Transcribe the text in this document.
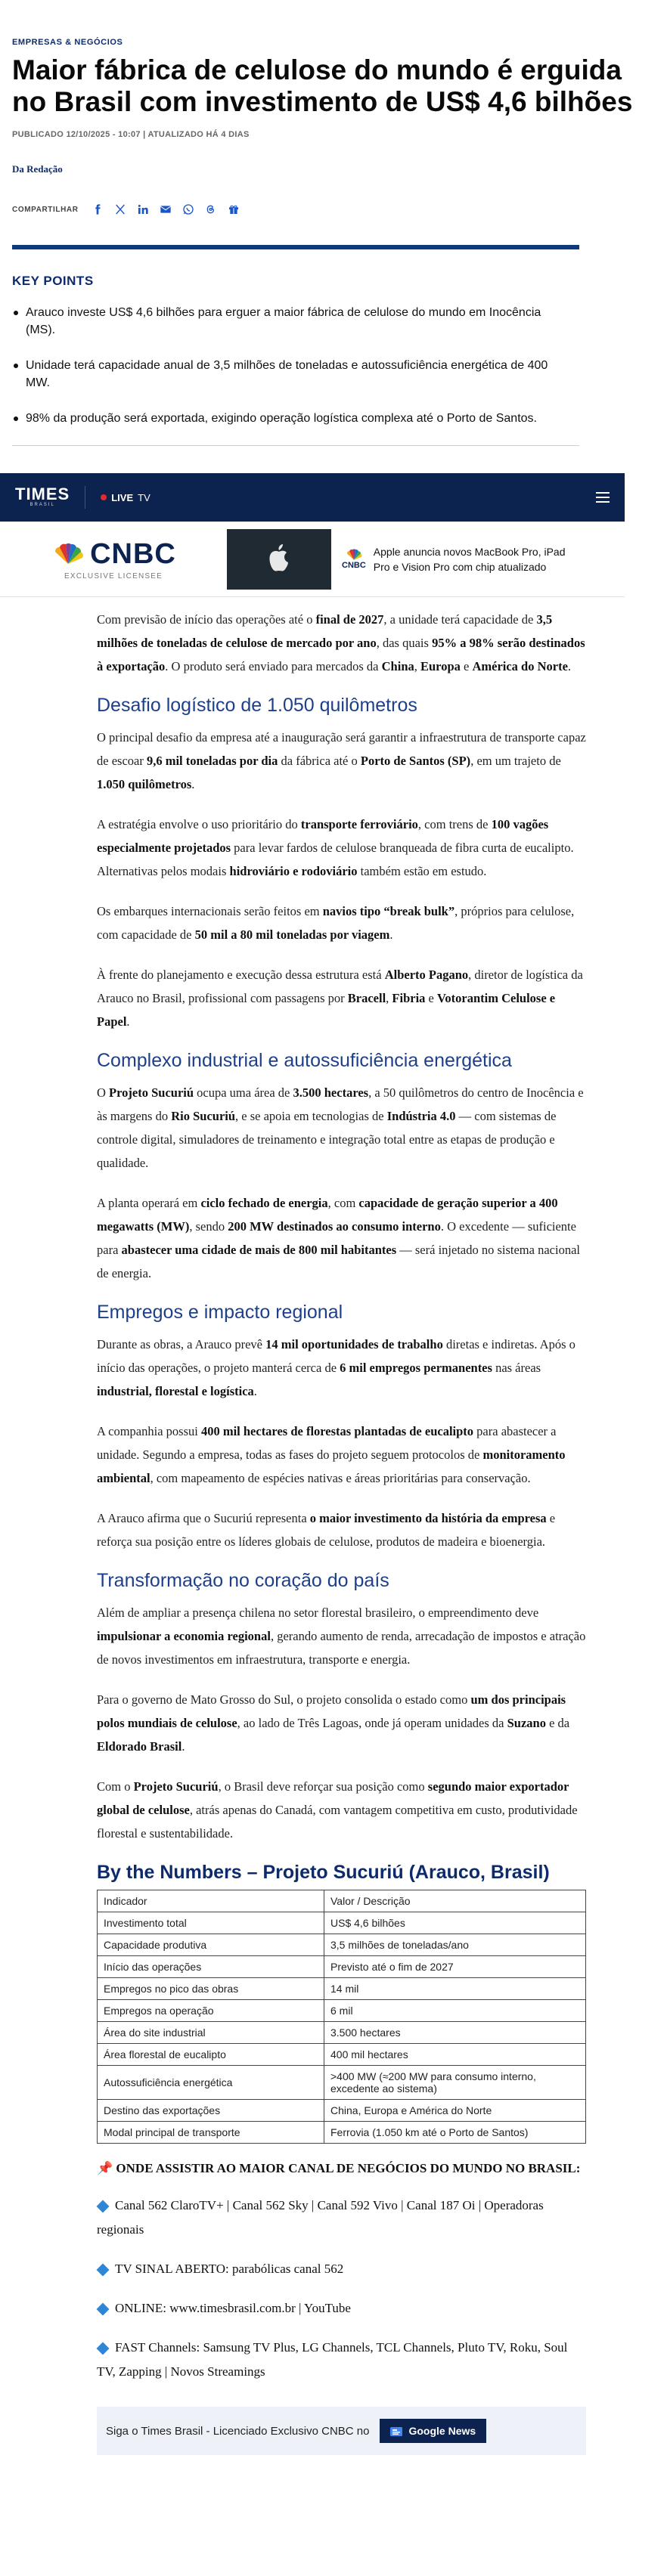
EMPRESAS & NEGÓCIOS
Maior fábrica de celulose do mundo é erguida no Brasil com investimento de US$ 4,6 bilhões
PUBLICADO 12/10/2025 - 10:07 | ATUALIZADO HÁ 4 DIAS
Da Redação
COMPARTILHAR
KEY POINTS
Arauco investe US$ 4,6 bilhões para erguer a maior fábrica de celulose do mundo em Inocência (MS).
Unidade terá capacidade anual de 3,5 milhões de toneladas e autossuficiência energética de 400 MW.
98% da produção será exportada, exigindo operação logística complexa até o Porto de Santos.
TIMES
BRASIL
LIVE TV
CNBC
EXCLUSIVE LICENSEE
CNBC
Apple anuncia novos MacBook Pro, iPad Pro e Vision Pro com chip atualizado

Com previsão de início das operações até o final de 2027, a unidade terá capacidade de 3,5 milhões de toneladas de celulose de mercado por ano, das quais 95% a 98% serão destinados à exportação. O produto será enviado para mercados da China, Europa e América do Norte.

Desafio logístico de 1.050 quilômetros

O principal desafio da empresa até a inauguração será garantir a infraestrutura de transporte capaz de escoar 9,6 mil toneladas por dia da fábrica até o Porto de Santos (SP), em um trajeto de 1.050 quilômetros.

A estratégia envolve o uso prioritário do transporte ferroviário, com trens de 100 vagões especialmente projetados para levar fardos de celulose branqueada de fibra curta de eucalipto. Alternativas pelos modais hidroviário e rodoviário também estão em estudo.

Os embarques internacionais serão feitos em navios tipo “break bulk”, próprios para celulose, com capacidade de 50 mil a 80 mil toneladas por viagem.

À frente do planejamento e execução dessa estrutura está Alberto Pagano, diretor de logística da Arauco no Brasil, profissional com passagens por Bracell, Fibria e Votorantim Celulose e Papel.

Complexo industrial e autossuficiência energética

O Projeto Sucuriú ocupa uma área de 3.500 hectares, a 50 quilômetros do centro de Inocência e às margens do Rio Sucuriú, e se apoia em tecnologias de Indústria 4.0 — com sistemas de controle digital, simuladores de treinamento e integração total entre as etapas de produção e qualidade.

A planta operará em ciclo fechado de energia, com capacidade de geração superior a 400 megawatts (MW), sendo 200 MW destinados ao consumo interno. O excedente — suficiente para abastecer uma cidade de mais de 800 mil habitantes — será injetado no sistema nacional de energia.

Empregos e impacto regional

Durante as obras, a Arauco prevê 14 mil oportunidades de trabalho diretas e indiretas. Após o início das operações, o projeto manterá cerca de 6 mil empregos permanentes nas áreas industrial, florestal e logística.

A companhia possui 400 mil hectares de florestas plantadas de eucalipto para abastecer a unidade. Segundo a empresa, todas as fases do projeto seguem protocolos de monitoramento ambiental, com mapeamento de espécies nativas e áreas prioritárias para conservação.

A Arauco afirma que o Sucuriú representa o maior investimento da história da empresa e reforça sua posição entre os líderes globais de celulose, produtos de madeira e bioenergia.

Transformação no coração do país

Além de ampliar a presença chilena no setor florestal brasileiro, o empreendimento deve impulsionar a economia regional, gerando aumento de renda, arrecadação de impostos e atração de novos investimentos em infraestrutura, transporte e energia.

Para o governo de Mato Grosso do Sul, o projeto consolida o estado como um dos principais polos mundiais de celulose, ao lado de Três Lagoas, onde já operam unidades da Suzano e da Eldorado Brasil.

Com o Projeto Sucuriú, o Brasil deve reforçar sua posição como segundo maior exportador global de celulose, atrás apenas do Canadá, com vantagem competitiva em custo, produtividade florestal e sustentabilidade.

By the Numbers – Projeto Sucuriú (Arauco, Brasil)
Indicador	Valor / Descrição
Investimento total	US$ 4,6 bilhões
Capacidade produtiva	3,5 milhões de toneladas/ano
Início das operações	Previsto até o fim de 2027
Empregos no pico das obras	14 mil
Empregos na operação	6 mil
Área do site industrial	3.500 hectares
Área florestal de eucalipto	400 mil hectares
Autossuficiência energética	>400 MW (≈200 MW para consumo interno, excedente ao sistema)
Destino das exportações	China, Europa e América do Norte
Modal principal de transporte	Ferrovia (1.050 km até o Porto de Santos)
📌 ONDE ASSISTIR AO MAIOR CANAL DE NEGÓCIOS DO MUNDO NO BRASIL:
Canal 562 ClaroTV+ | Canal 562 Sky | Canal 592 Vivo | Canal 187 Oi | Operadoras regionais
TV SINAL ABERTO: parabólicas canal 562
ONLINE: www.timesbrasil.com.br | YouTube
FAST Channels: Samsung TV Plus, LG Channels, TCL Channels, Pluto TV, Roku, Soul TV, Zapping | Novos Streamings
Siga o Times Brasil - Licenciado Exclusivo CNBC no	Google News
